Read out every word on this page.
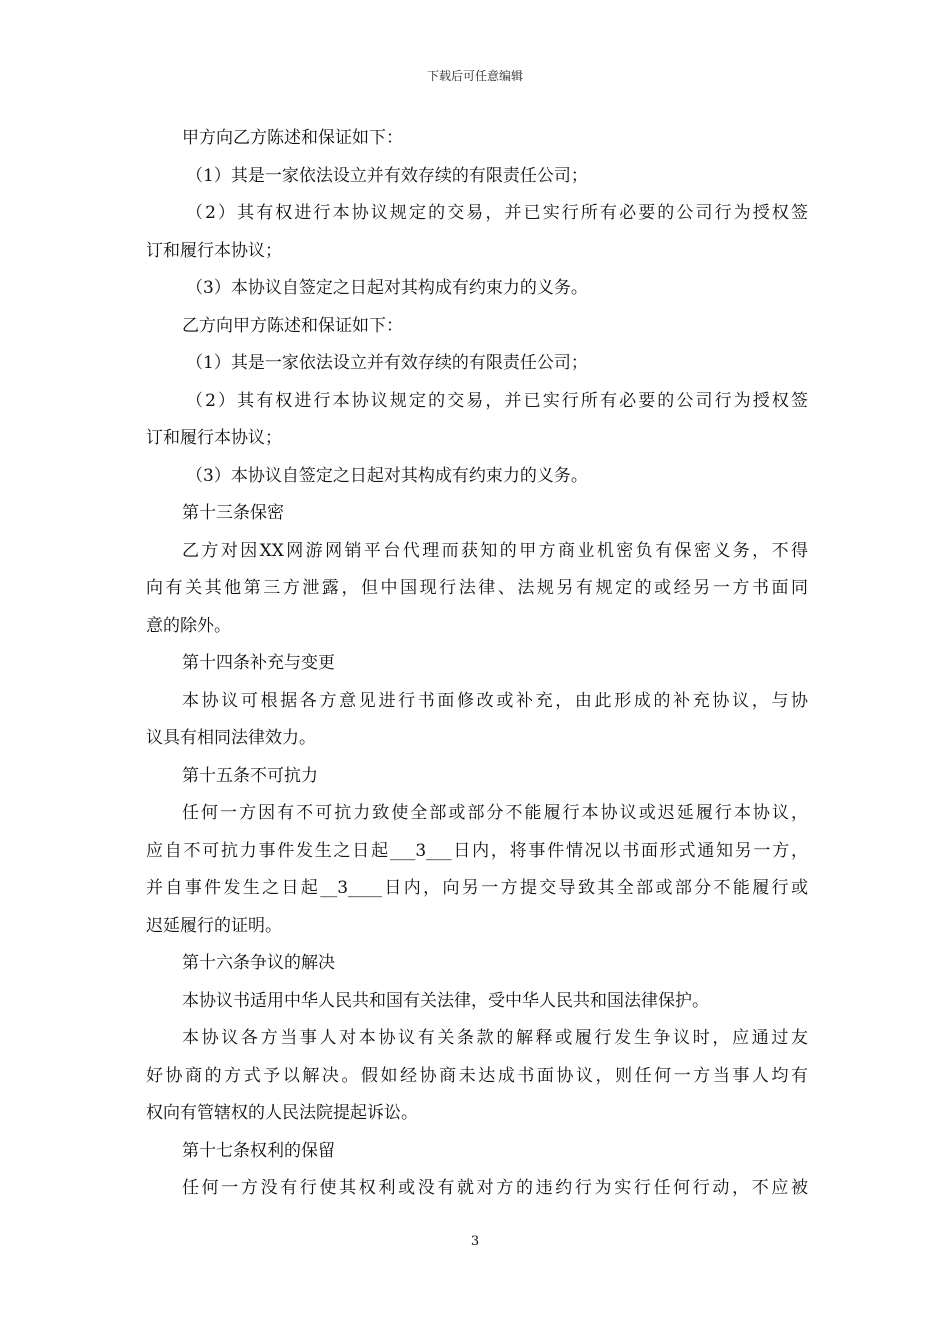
下载后可任意编辑
甲方向乙方陈述和保证如下：
（1）其是一家依法设立并有效存续的有限责任公司；
（2）其有权进行本协议规定的交易，并已实行所有必要的公司行为授权签
订和履行本协议；
（3）本协议自签定之日起对其构成有约束力的义务。
乙方向甲方陈述和保证如下：
（1）其是一家依法设立并有效存续的有限责任公司；
（2）其有权进行本协议规定的交易，并已实行所有必要的公司行为授权签
订和履行本协议；
（3）本协议自签定之日起对其构成有约束力的义务。
第十三条保密
乙方对因XX网游网销平台代理而获知的甲方商业机密负有保密义务，不得
向有关其他第三方泄露，但中国现行法律、法规另有规定的或经另一方书面同
意的除外。
第十四条补充与变更
本协议可根据各方意见进行书面修改或补充，由此形成的补充协议，与协
议具有相同法律效力。
第十五条不可抗力
任何一方因有不可抗力致使全部或部分不能履行本协议或迟延履行本协议，
应自不可抗力事件发生之日起___3___日内，将事件情况以书面形式通知另一方，
并自事件发生之日起__3____日内，向另一方提交导致其全部或部分不能履行或
迟延履行的证明。
第十六条争议的解决
本协议书适用中华人民共和国有关法律，受中华人民共和国法律保护。
本协议各方当事人对本协议有关条款的解释或履行发生争议时，应通过友
好协商的方式予以解决。假如经协商未达成书面协议，则任何一方当事人均有
权向有管辖权的人民法院提起诉讼。
第十七条权利的保留
任何一方没有行使其权利或没有就对方的违约行为实行任何行动，不应被
3
